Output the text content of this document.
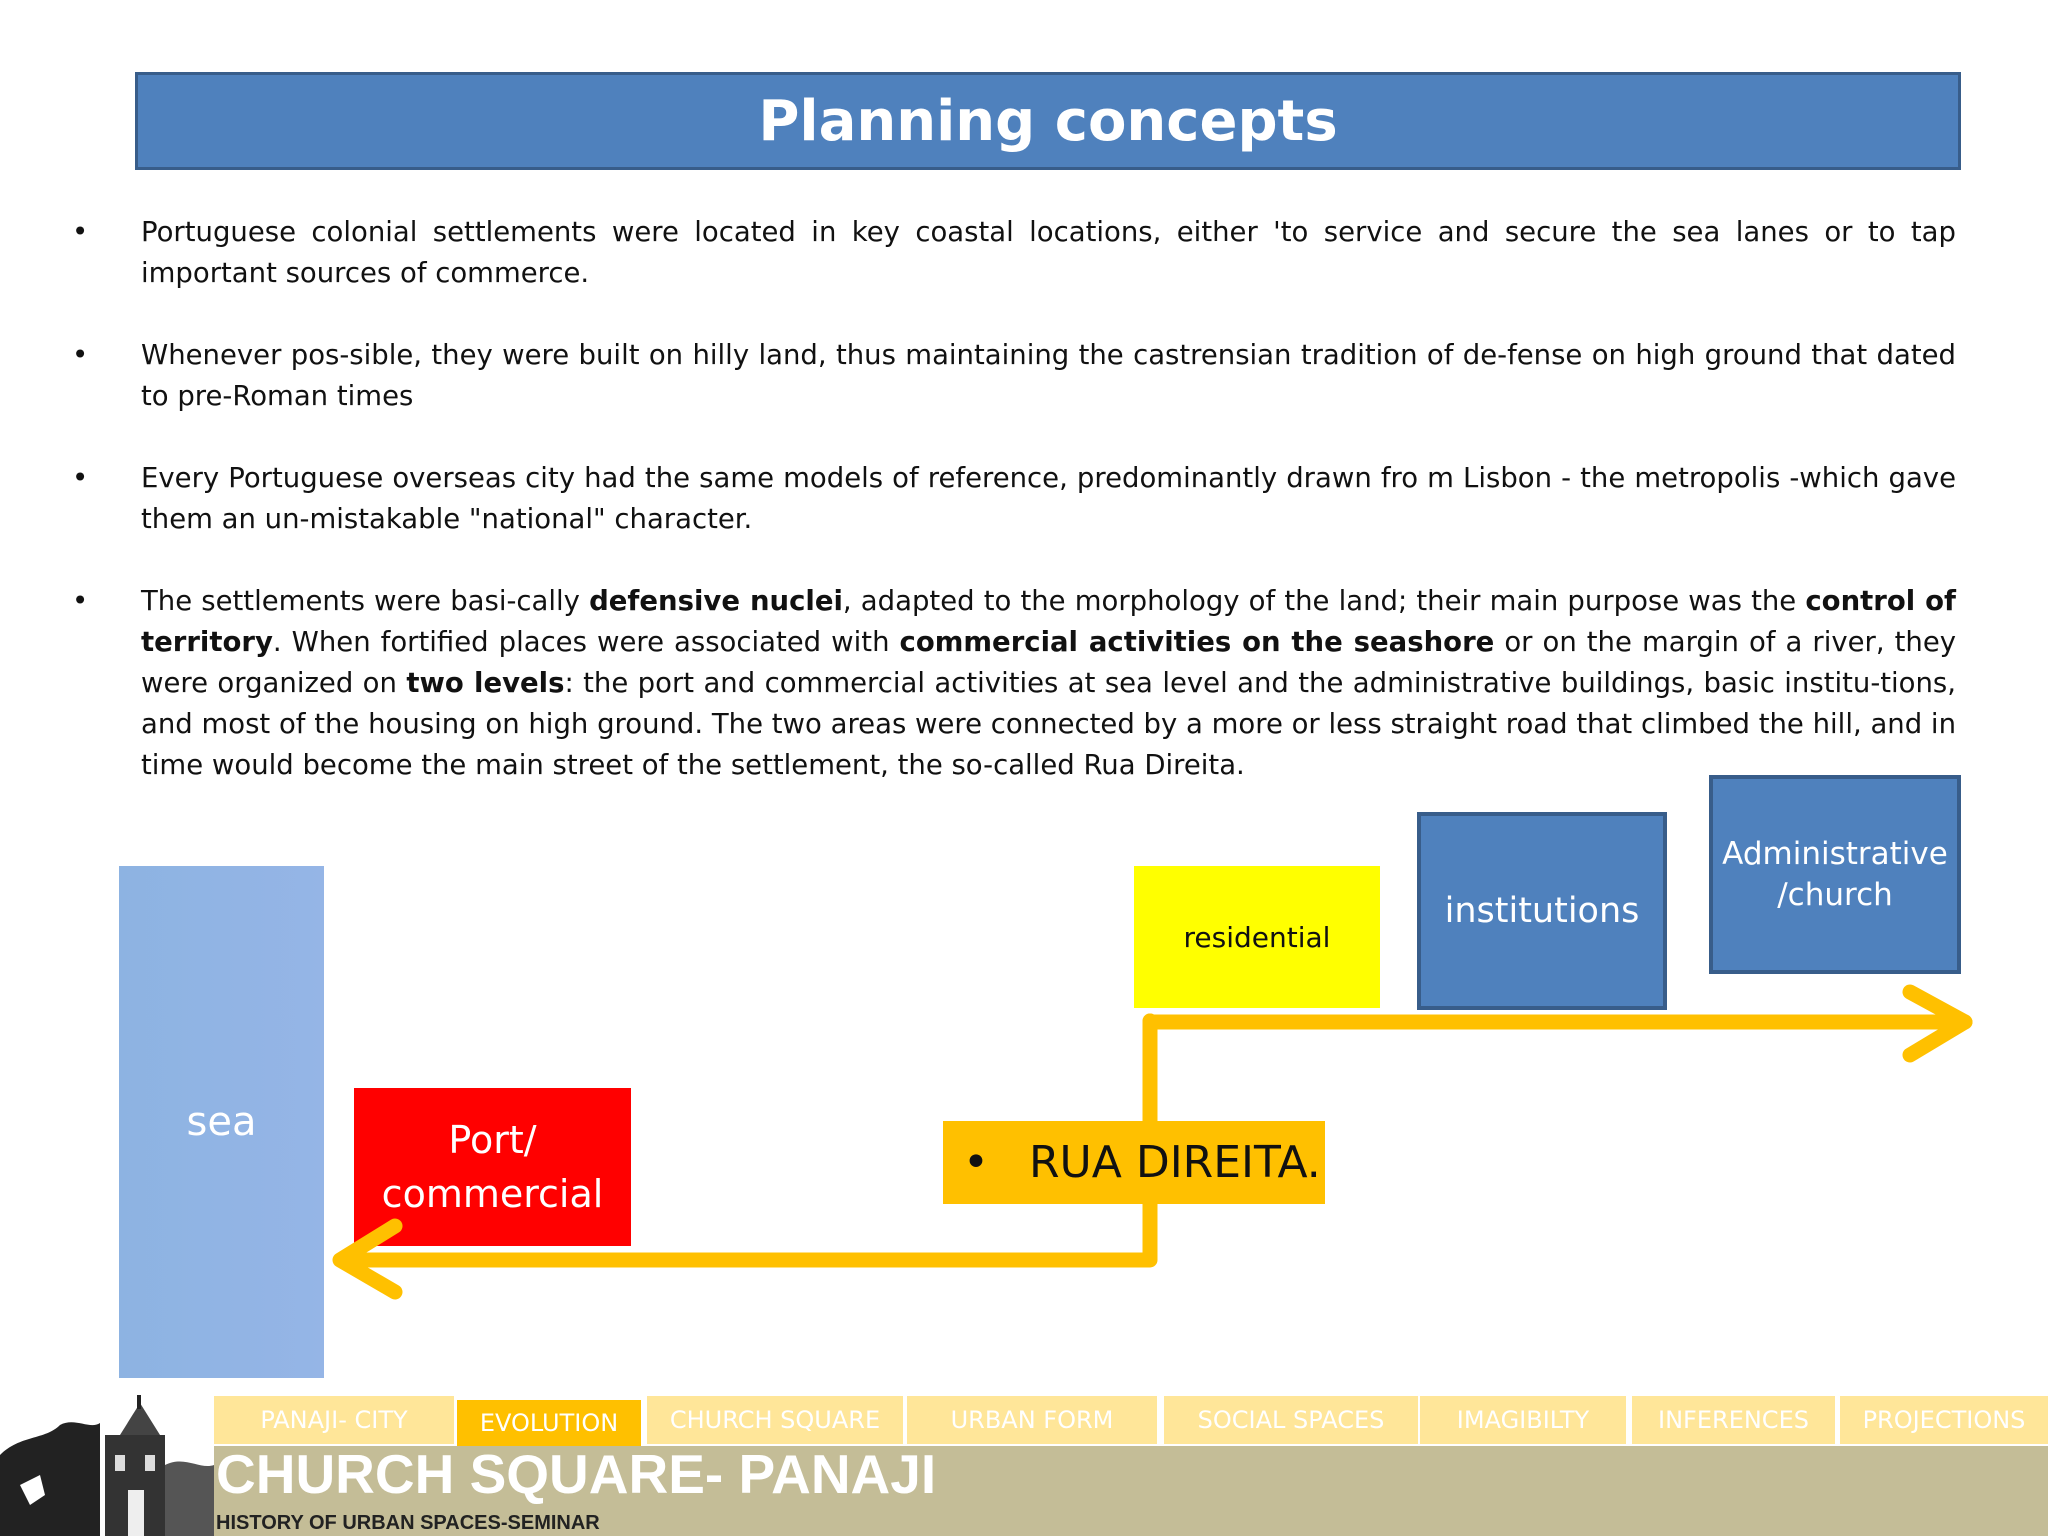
Planning concepts
• Portuguese colonial settlements were located in key coastal locations, either 'to service and secure the sea lanes or to tap important sources of commerce.
• Whenever pos-sible, they were built on hilly land, thus maintaining the castrensian tradition of de-fense on high ground that dated to pre-Roman times
• Every Portuguese overseas city had the same models of reference, predominantly drawn fro m Lisbon - the metropolis -which gave them an un-mistakable "national" character.
• The settlements were basi-cally defensive nuclei, adapted to the morphology of the land; their main purpose was the control of territory. When fortified places were associated with commercial activities on the seashore or on the margin of a river, they were organized on two levels: the port and commercial activities at sea level and the administrative buildings, basic institu-tions, and most of the housing on high ground. The two areas were connected by a more or less straight road that climbed the hill, and in time would become the main street of the settlement, the so-called Rua Direita.
sea	Port/
commercial
residential
institutions
Administrative
/church
• RUA DIREITA.
PANAJI- CITY	EVOLUTION	CHURCH SQUARE	URBAN FORM	SOCIAL SPACES	IMAGIBILTY	INFERENCES	PROJECTIONS
CHURCH SQUARE- PANAJI
HISTORY OF URBAN SPACES-SEMINAR
